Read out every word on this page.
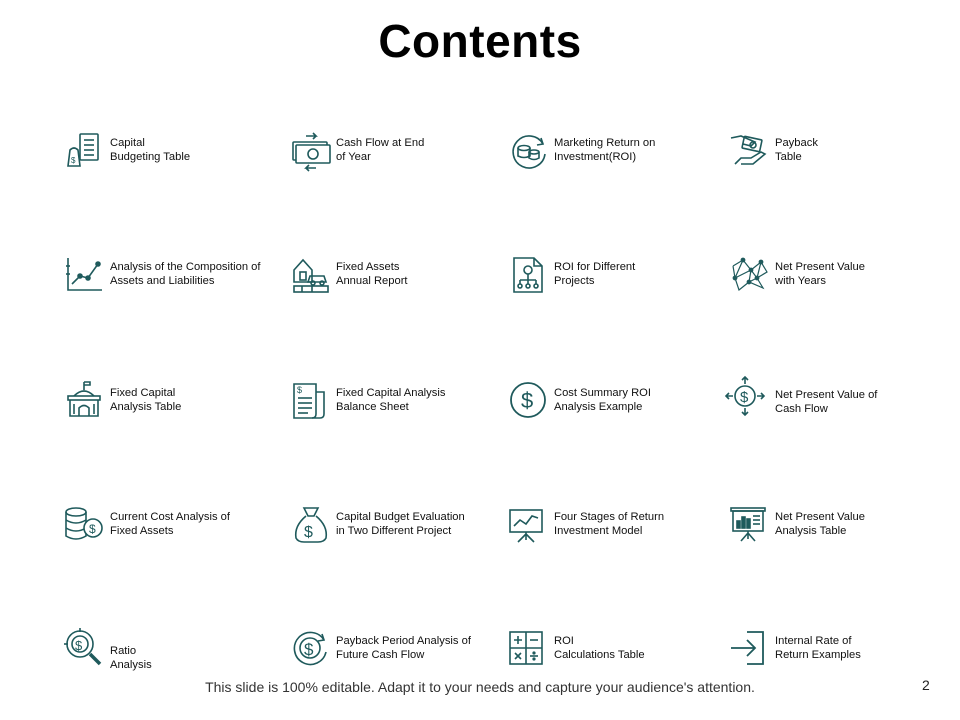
Contents
$
Capital
Budgeting Table
Cash Flow at End
of Year
Marketing Return on
Investment(ROI)
Payback
Table
Analysis of the Composition of
Assets and Liabilities
Fixed Assets
Annual Report
ROI for Different
Projects
Net Present Value
with Years
Fixed Capital
Analysis Table
$	Fixed Capital Analysis
Balance Sheet	$ Cost Summary ROI
Analysis Example
$ Net Present Value of
Cash Flow
$
Current Cost Analysis of
Fixed Assets	$
Capital Budget Evaluation
in Two Different Project
Four Stages of Return
Investment Model
Net Present Value
Analysis Table
$ Ratio
Analysis
$ Payback Period Analysis of
Future Cash Flow
ROI
Calculations Table
Internal Rate of
Return Examples
This slide is 100% editable. Adapt it to your needs and capture your audience's attention.	2
